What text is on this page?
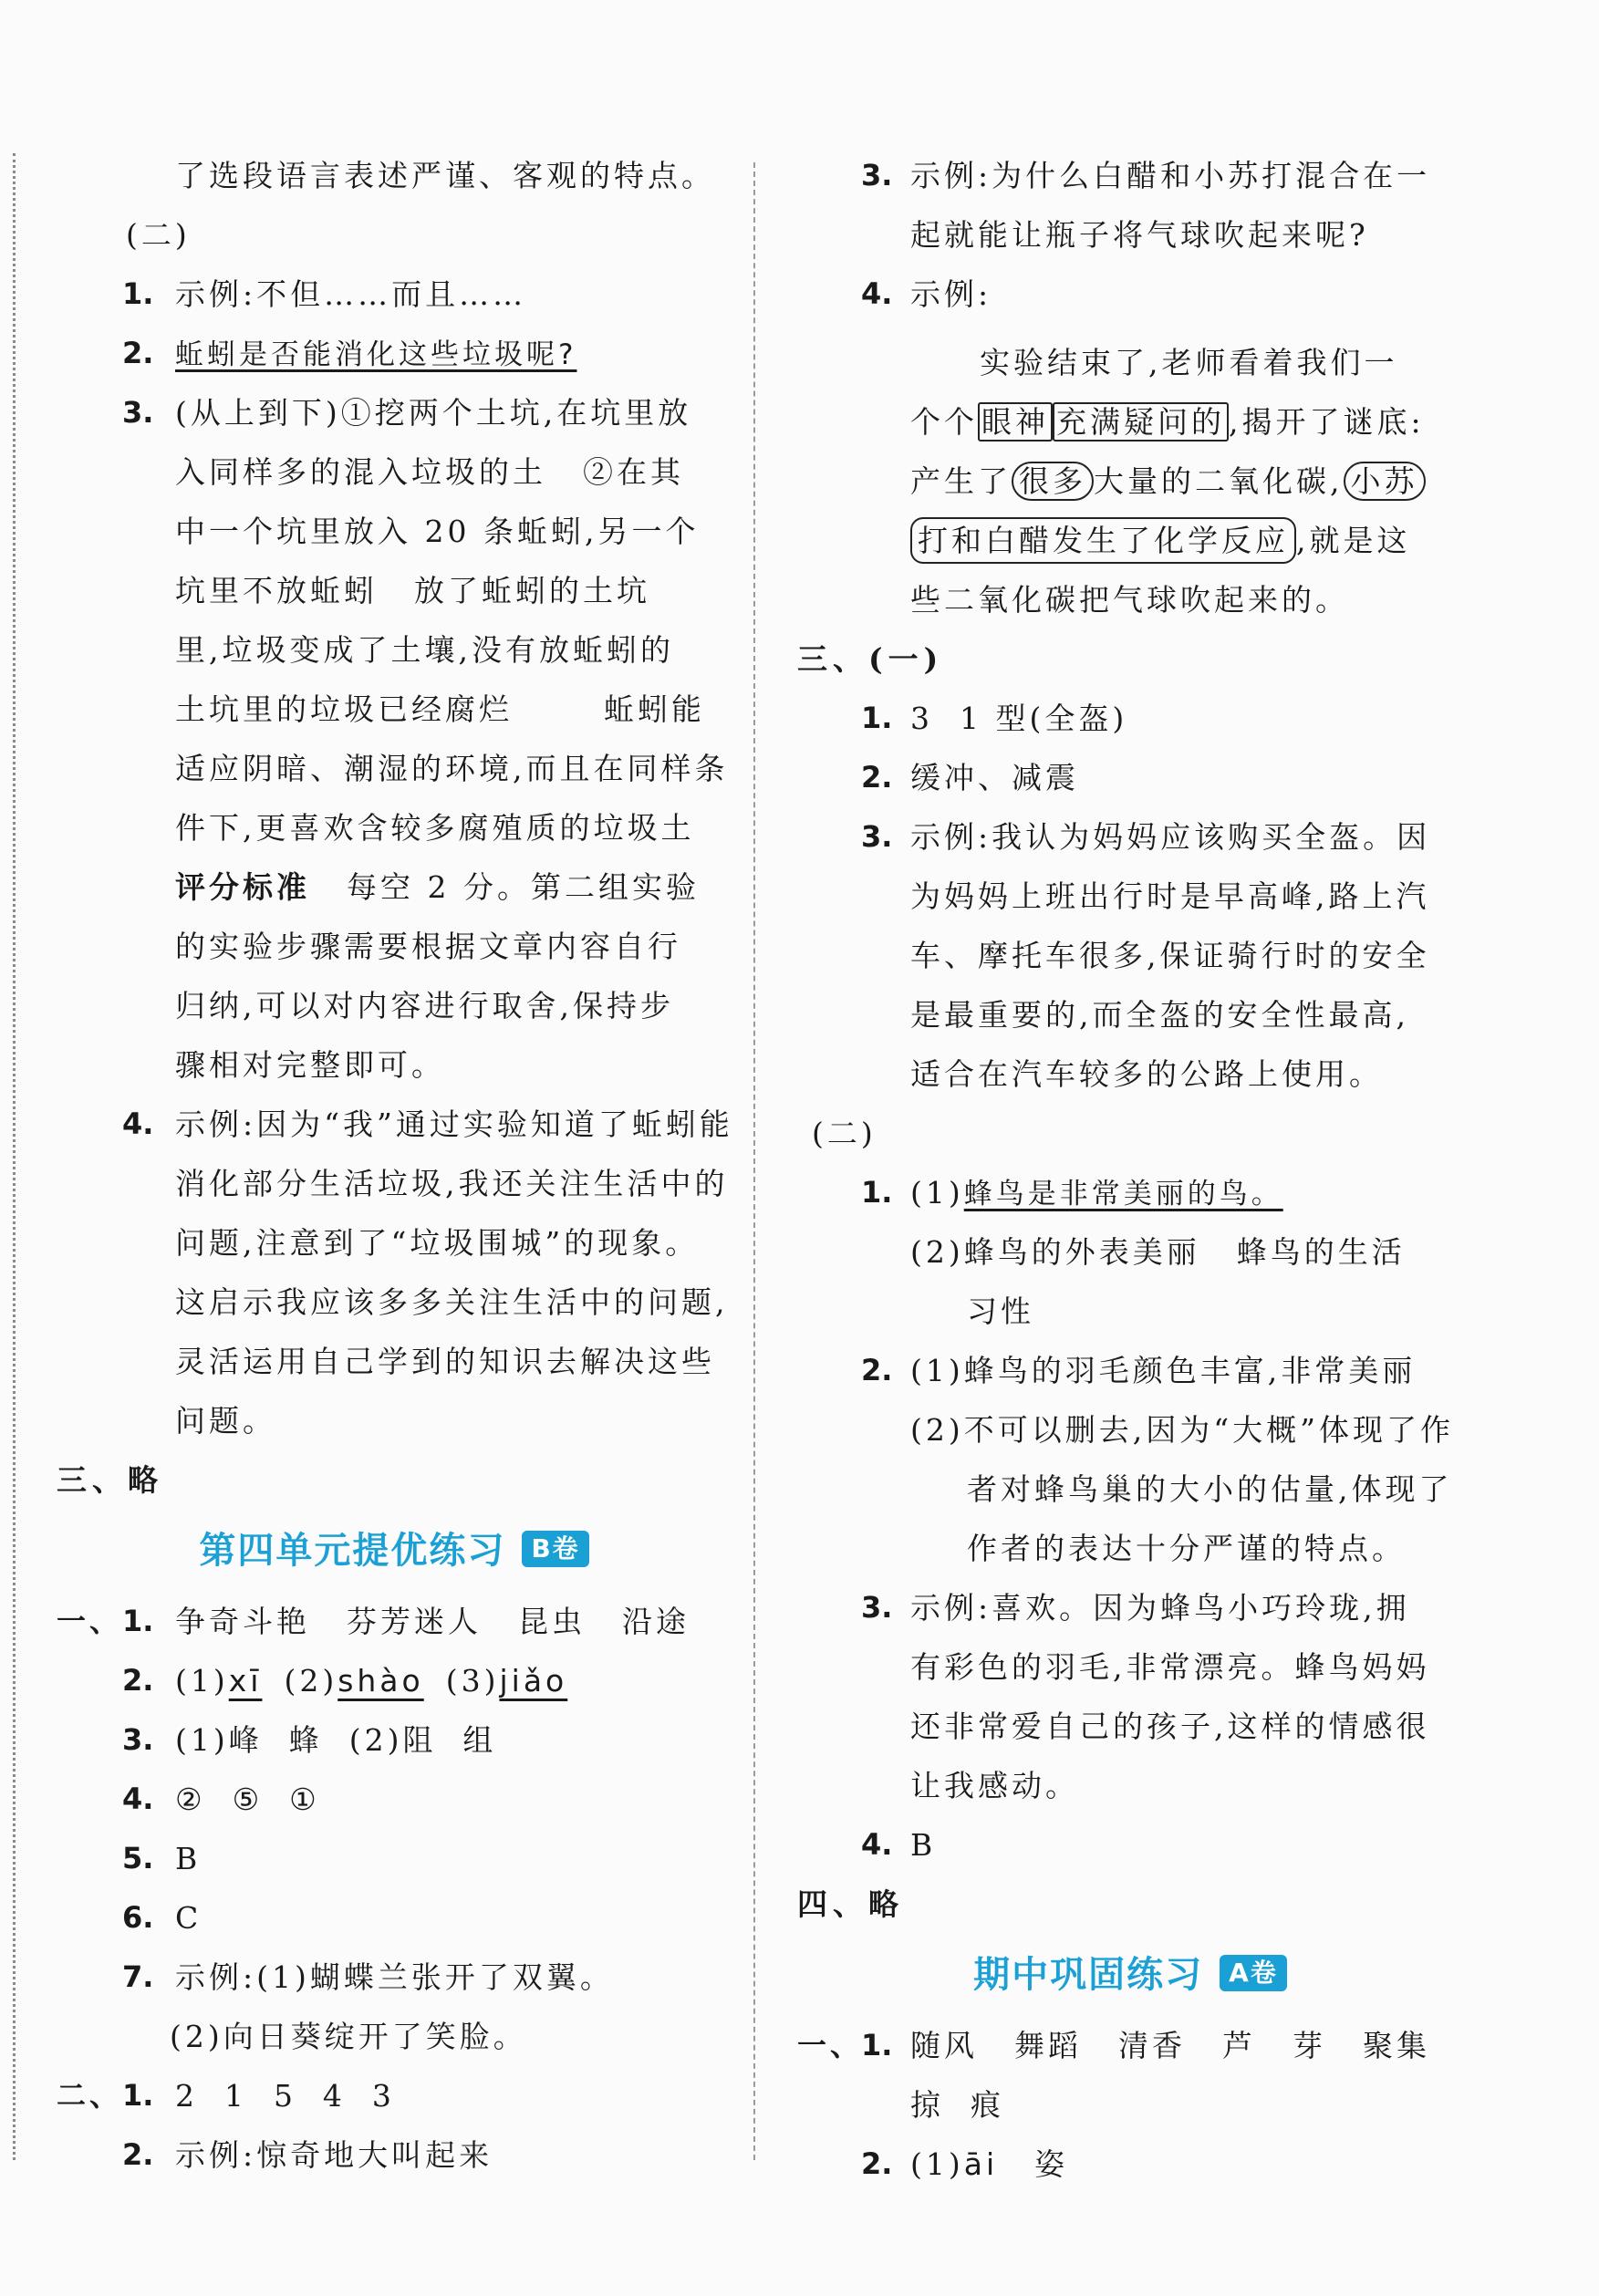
了选段语言表述严谨、客观的特点。
(二)
1. 示例:不但……而且……
2. 蚯蚓是否能消化这些垃圾呢?
3. (从上到下)①挖两个土坑,在坑里放
入同样多的混入垃圾的土 ②在其
中一个坑里放入 20 条蚯蚓,另一个
坑里不放蚯蚓 放了蚯蚓的土坑
里,垃圾变成了土壤,没有放蚯蚓的
土坑里的垃圾已经腐烂	蚯蚓能
适应阴暗、潮湿的环境,而且在同样条
件下,更喜欢含较多腐殖质的垃圾土
评分标准 每空 2 分。第二组实验
的实验步骤需要根据文章内容自行
归纳,可以对内容进行取舍,保持步
骤相对完整即可。
4. 示例:因为“我”通过实验知道了蚯蚓能
消化部分生活垃圾,我还关注生活中的
问题,注意到了“垃圾围城”的现象。
这启示我应该多多关注生活中的问题,
灵活运用自己学到的知识去解决这些
问题。
三、略
第四单元提优练习 B卷
一、 1. 争奇斗艳 芬芳迷人 昆虫 沿途
2. (1)xī (2)shào (3)jiǎo
3. (1)峰  蜂  (2)阻  组
4. ②  ⑤  ①
5. B
6. C
7. 示例:(1)蝴蝶兰张开了双翼。
(2)向日葵绽开了笑脸。
二、 1. 2  1  5  4  3
2. 示例:惊奇地大叫起来
3. 示例:为什么白醋和小苏打混合在一
起就能让瓶子将气球吹起来呢?
4. 示例:
实验结束了,老师看着我们一
个个 眼神 充满疑问的 ,揭开了谜底:
产生了 很多 大量的二氧化碳, 小苏
打和白醋发生了化学反应 ,就是这
些二氧化碳把气球吹起来的。
三、(一)
1. 3  1 型(全盔)
2. 缓冲、减震
3. 示例:我认为妈妈应该购买全盔。因
为妈妈上班出行时是早高峰,路上汽
车、摩托车很多,保证骑行时的安全
是最重要的,而全盔的安全性最高,
适合在汽车较多的公路上使用。
(二)
1. (1)蜂鸟是非常美丽的鸟。
(2)蜂鸟的外表美丽 蜂鸟的生活
习性
2. (1)蜂鸟的羽毛颜色丰富,非常美丽
(2)不可以删去,因为“大概”体现了作
者对蜂鸟巢的大小的估量,体现了
作者的表达十分严谨的特点。
3. 示例:喜欢。因为蜂鸟小巧玲珑,拥
有彩色的羽毛,非常漂亮。蜂鸟妈妈
还非常爱自己的孩子,这样的情感很
让我感动。
4. B
四、略
期中巩固练习 A卷
一、
1. 随风 舞蹈 清香 芦 芽 聚集
掠  痕
2. (1)āi 姿
